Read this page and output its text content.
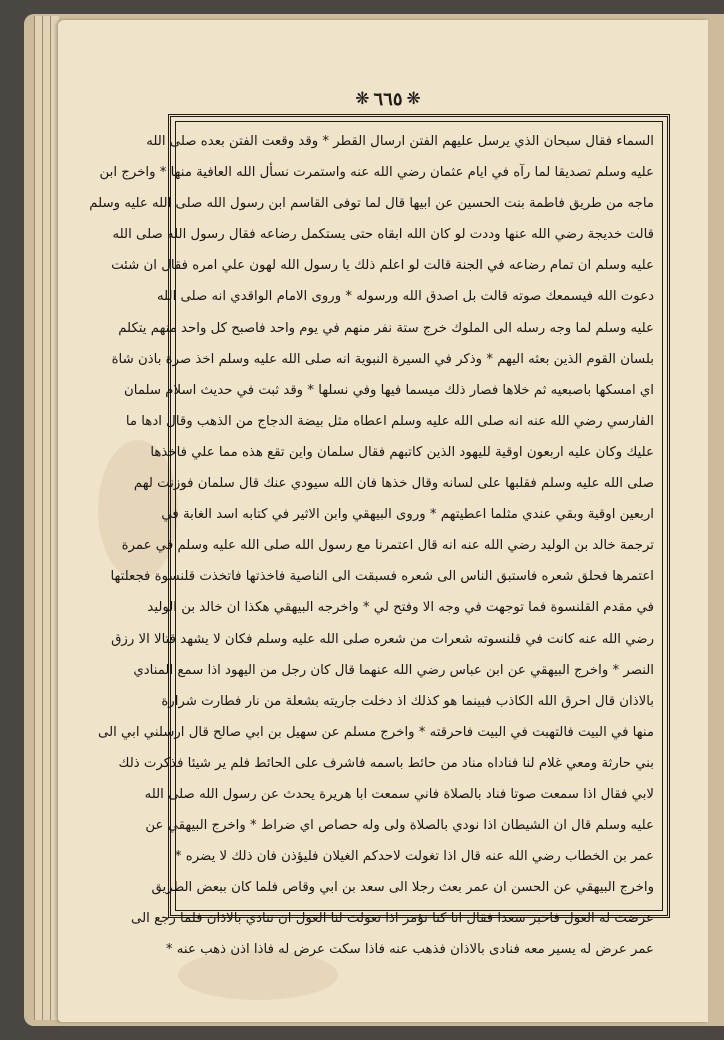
❋ ٦٦٥ ❋

السماء فقال سبحان الذي يرسل عليهم الفتن ارسال القطر * وقد وقعت الفتن بعده صلى الله

عليه وسلم تصديقا لما رآه في ايام عثمان رضي الله عنه واستمرت نسأل الله العافية منها * واخرج ابن

ماجه من طريق فاطمة بنت الحسين عن ابيها قال لما توفى القاسم ابن رسول الله صلى الله عليه وسلم

قالت خديجة رضي الله عنها وددت لو كان الله ابقاه حتى يستكمل رضاعه فقال رسول الله صلى الله

عليه وسلم ان تمام رضاعه في الجنة قالت لو اعلم ذلك يا رسول الله لهون علي امره فقال ان شئت

دعوت الله فيسمعك صوته قالت بل اصدق الله ورسوله * وروى الامام الواقدي انه صلى الله

عليه وسلم لما وجه رسله الى الملوك خرج ستة نفر منهم في يوم واحد فاصبح كل واحد منهم يتكلم

بلسان القوم الذين بعثه اليهم * وذكر في السيرة النبوية انه صلى الله عليه وسلم اخذ صرة باذن شاة

اي امسكها باصبعيه ثم خلاها فصار ذلك ميسما فيها وفي نسلها * وقد ثبت في حديث اسلام سلمان

الفارسي رضي الله عنه انه صلى الله عليه وسلم اعطاه مثل بيضة الدجاج من الذهب وقال ادها ما

عليك وكان عليه اربعون اوقية لليهود الذين كاتبهم فقال سلمان واين تقع هذه مما علي فاخذها

صلى الله عليه وسلم فقلبها على لسانه وقال خذها فان الله سيودي عنك قال سلمان فوزنت لهم

اربعين اوقية وبقي عندي مثلما اعطيتهم * وروى البيهقي وابن الاثير في كتابه اسد الغابة في

ترجمة خالد بن الوليد رضي الله عنه انه قال اعتمرنا مع رسول الله صلى الله عليه وسلم في عمرة

اعتمرها فحلق شعره فاستبق الناس الى شعره فسبقت الى الناصية فاخذتها فاتخذت قلنسوة فجعلتها

في مقدم القلنسوة فما توجهت في وجه الا وفتح لي * واخرجه البيهقي هكذا ان خالد بن الوليد

رضي الله عنه كانت في قلنسوته شعرات من شعره صلى الله عليه وسلم فكان لا يشهد قتالا الا رزق

النصر * واخرج البيهقي عن ابن عباس رضي الله عنهما قال كان رجل من اليهود اذا سمع المنادي

بالاذان قال احرق الله الكاذب فبينما هو كذلك اذ دخلت جاريته بشعلة من نار فطارت شرارة

منها في البيت فالتهبت في البيت فاحرقته * واخرج مسلم عن سهيل بن ابي صالح قال ارسلني ابي الى

بني حارثة ومعي غلام لنا فناداه مناد من حائط باسمه فاشرف على الحائط فلم ير شيئا فذكرت ذلك

لابي فقال اذا سمعت صوتا فناد بالصلاة فاني سمعت ابا هريرة يحدث عن رسول الله صلى الله

عليه وسلم قال ان الشيطان اذا نودي بالصلاة ولى وله حصاص اي ضراط * واخرج البيهقي عن

عمر بن الخطاب رضي الله عنه قال اذا تغولت لاحدكم الغيلان فليؤذن فان ذلك لا يضره *

واخرج البيهقي عن الحسن ان عمر بعث رجلا الى سعد بن ابي وقاص فلما كان ببعض الطريق

عرضت له الغول فاخبر سعدا فقال انا كنا نؤمر اذا تغولت لنا الغول ان ننادي بالاذان فلما رجع الى

عمر عرض له يسير معه فنادى بالاذان فذهب عنه فاذا سكت عرض له فاذا اذن ذهب عنه *
